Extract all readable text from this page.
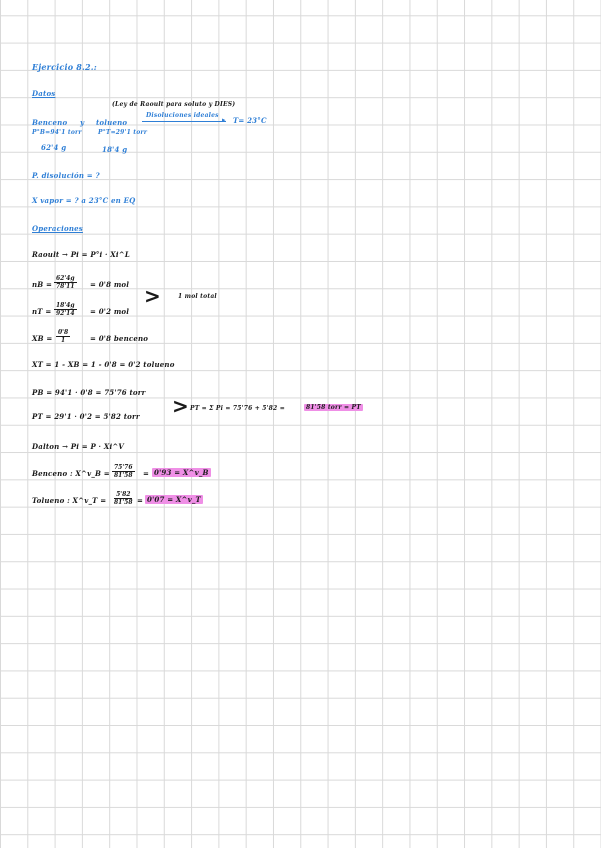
Ejercicio 8.2.:
Datos
(Ley de Raoult para soluto y DIES)
Disoluciones ideales ▸ T= 23°C
Benceno y tolueno
P°B=94'1 torr	P°T=29'1 torr
62'4 g	18'4 g
P. disolución = ?
X vapor = ? a 23°C en EQ
Operaciones
Raoult → Pi = P°i · Xi^L
nB = $\frac{62'4g}{78'11} = 0'8$ mol
nT = $\frac{18'4g}{92'14} = 0'2$ mol
>	1 mol total
XB = $\frac{0'8}{1}$	= 0'8 benceno
XT = 1 - XB = 1 - 0'8 = 0'2 tolueno
PB = 94'1 · 0'8 = 75'76 torr
PT = 29'1 · 0'2 = 5'82 torr > PT = Σ Pi = 75'76 + 5'82 =	81'58 torr = PT
Dalton → Pi = P · Xi^V
Benceno : X^v_B = $\frac{75'76}{81'58} = 0'93$ = X^v_B
Tolueno : X^v_T = $\frac{5'82}{81'58} = 0'07$ = X^v_T
